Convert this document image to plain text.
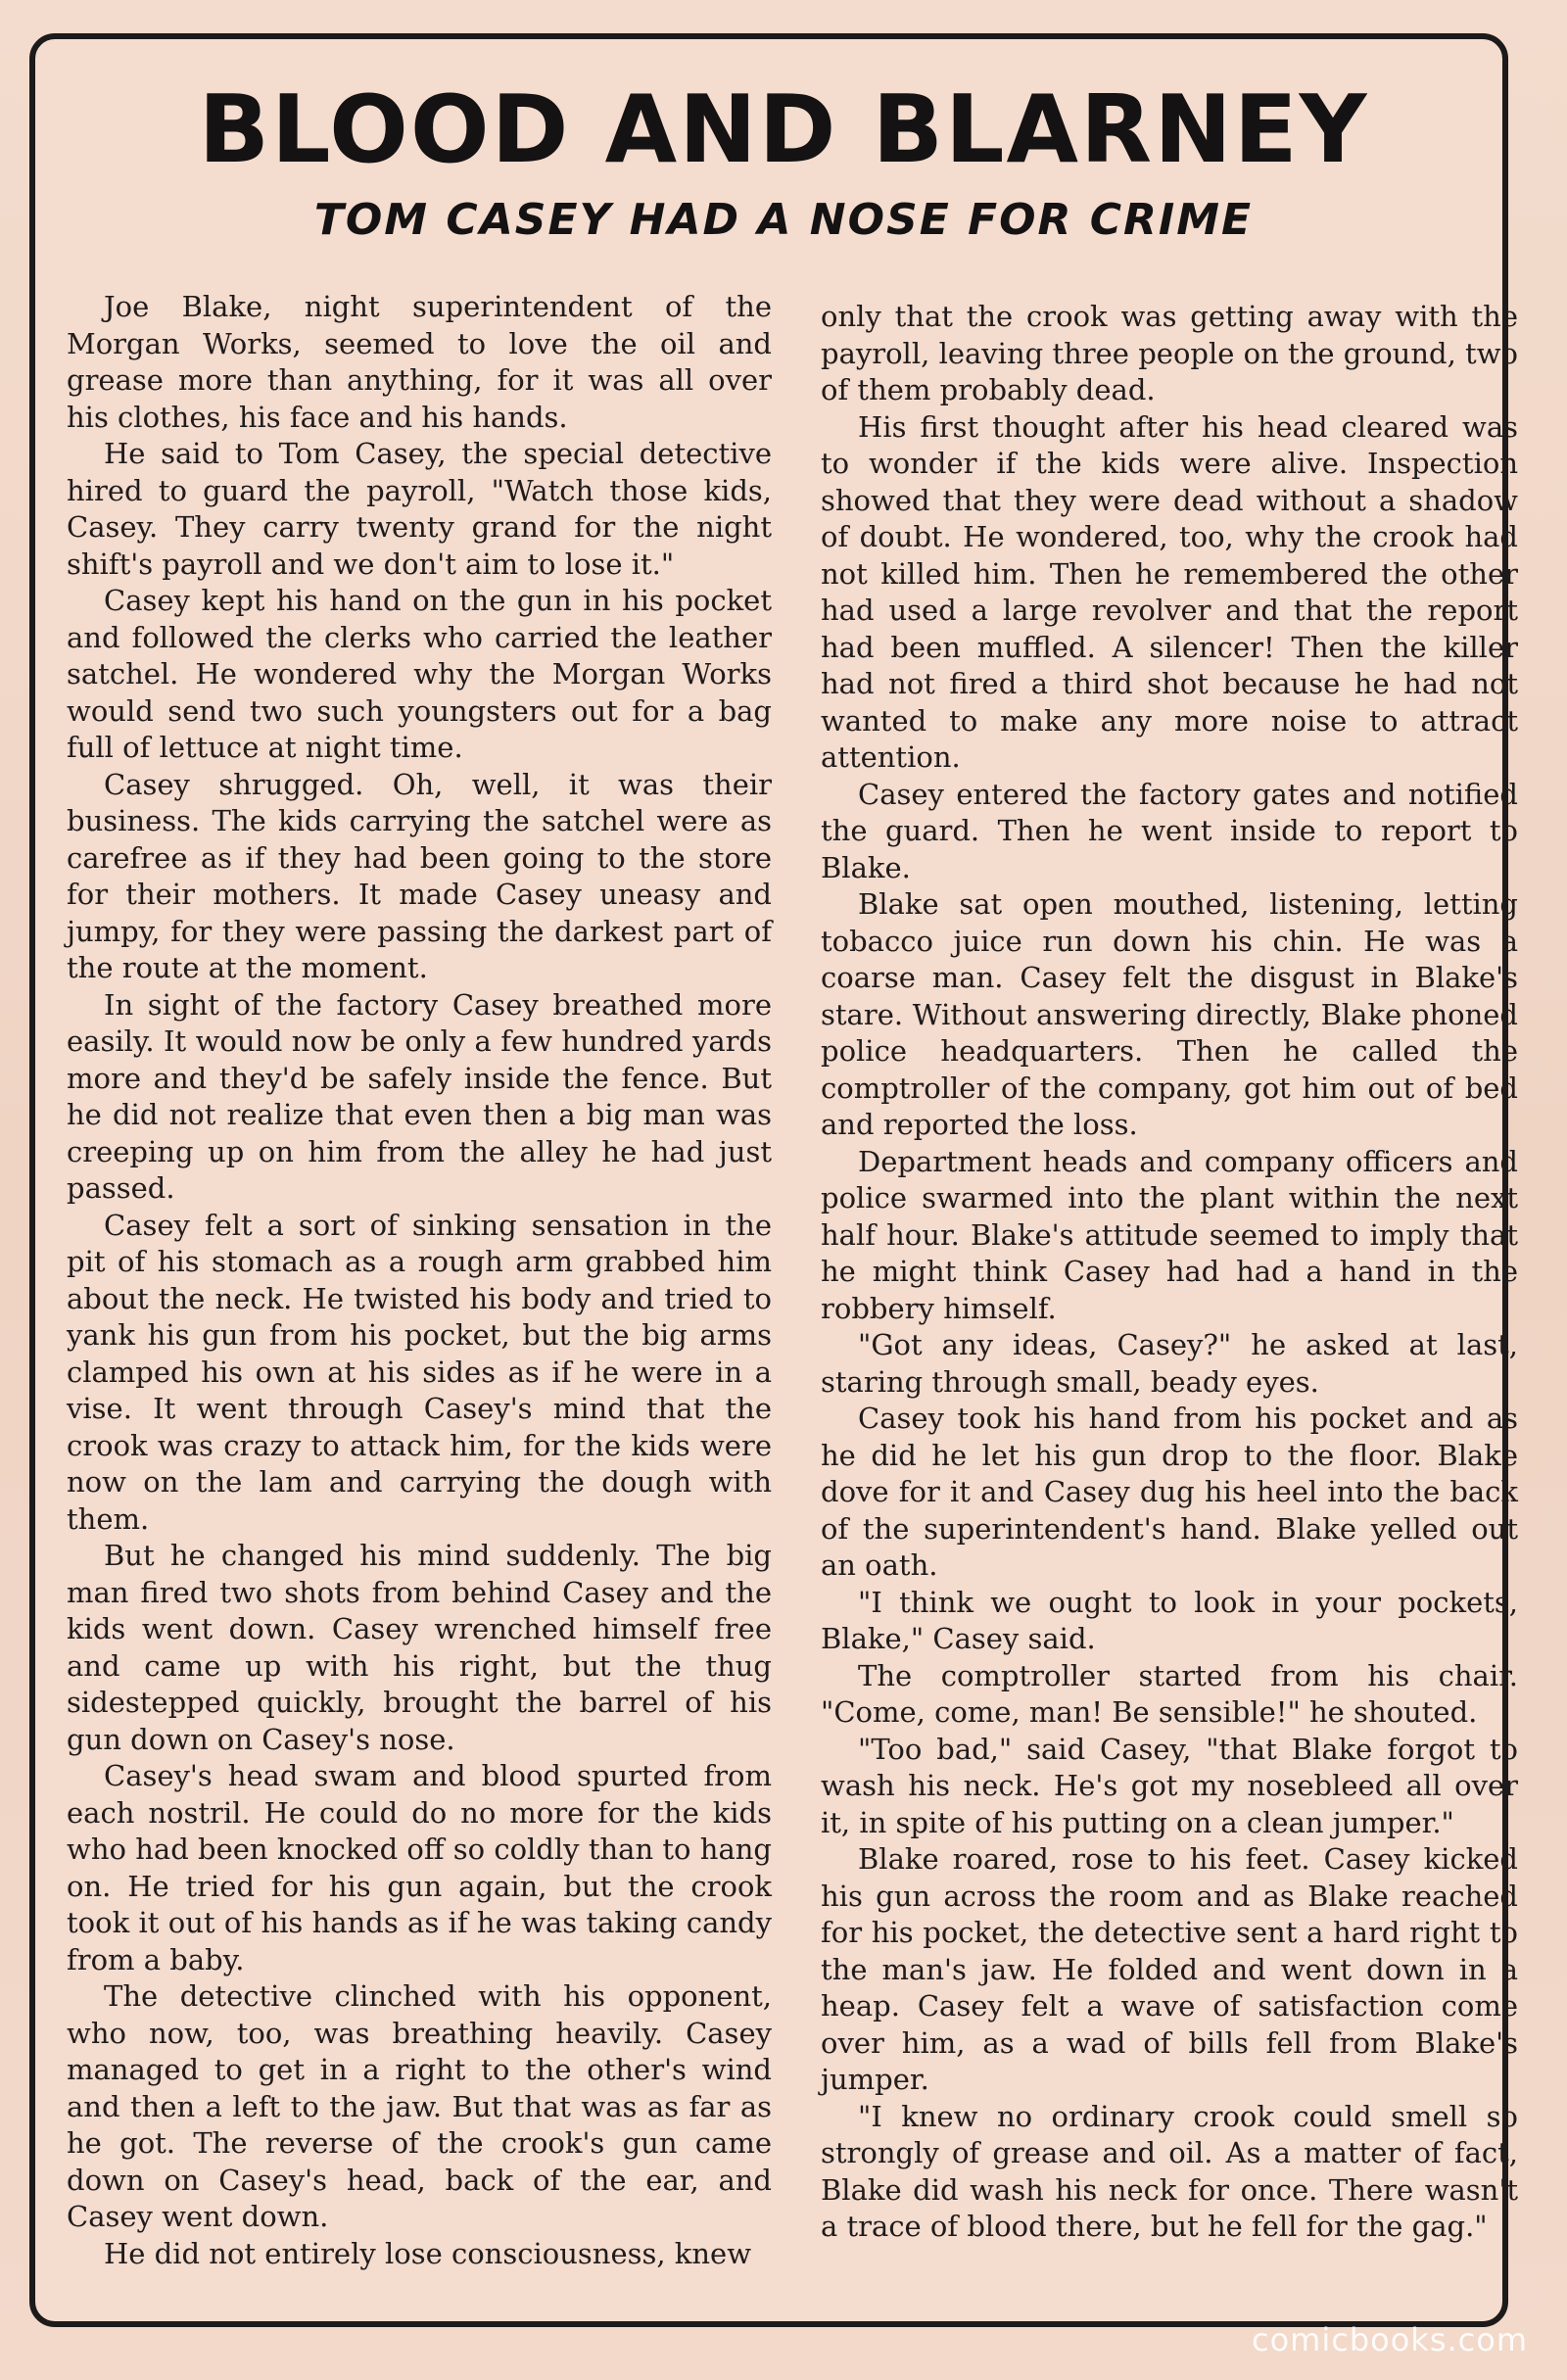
BLOOD AND BLARNEY
TOM CASEY HAD A NOSE FOR CRIME

Joe Blake, night superintendent of the Morgan Works, seemed to love the oil and grease more than anything, for it was all over his clothes, his face and his hands.

He said to Tom Casey, the special detective hired to guard the payroll, "Watch those kids, Casey. They carry twenty grand for the night shift's payroll and we don't aim to lose it."

Casey kept his hand on the gun in his pocket and followed the clerks who carried the leather satchel. He wondered why the Morgan Works would send two such youngsters out for a bag full of lettuce at night time.

Casey shrugged. Oh, well, it was their business. The kids carrying the satchel were as carefree as if they had been going to the store for their mothers. It made Casey uneasy and jumpy, for they were passing the darkest part of the route at the moment.

In sight of the factory Casey breathed more easily. It would now be only a few hundred yards more and they'd be safely inside the fence. But he did not realize that even then a big man was creeping up on him from the alley he had just passed.

Casey felt a sort of sinking sensation in the pit of his stomach as a rough arm grabbed him about the neck. He twisted his body and tried to yank his gun from his pocket, but the big arms clamped his own at his sides as if he were in a vise. It went through Casey's mind that the crook was crazy to attack him, for the kids were now on the lam and carrying the dough with them.

But he changed his mind suddenly. The big man fired two shots from behind Casey and the kids went down. Casey wrenched himself free and came up with his right, but the thug sidestepped quickly, brought the barrel of his gun down on Casey's nose.

Casey's head swam and blood spurted from each nostril. He could do no more for the kids who had been knocked off so coldly than to hang on. He tried for his gun again, but the crook took it out of his hands as if he was taking candy from a baby.

The detective clinched with his opponent, who now, too, was breathing heavily. Casey managed to get in a right to the other's wind and then a left to the jaw. But that was as far as he got. The reverse of the crook's gun came down on Casey's head, back of the ear, and Casey went down.

He did not entirely lose consciousness, knew

only that the crook was getting away with the payroll, leaving three people on the ground, two of them probably dead.

His first thought after his head cleared was to wonder if the kids were alive. Inspection showed that they were dead without a shadow of doubt. He wondered, too, why the crook had not killed him. Then he remembered the other had used a large revolver and that the report had been muffled. A silencer! Then the killer had not fired a third shot because he had not wanted to make any more noise to attract attention.

Casey entered the factory gates and notified the guard. Then he went inside to report to Blake.

Blake sat open mouthed, listening, letting tobacco juice run down his chin. He was a coarse man. Casey felt the disgust in Blake's stare. Without answering directly, Blake phoned police headquarters. Then he called the comptroller of the company, got him out of bed and reported the loss.

Department heads and company officers and police swarmed into the plant within the next half hour. Blake's attitude seemed to imply that he might think Casey had had a hand in the robbery himself.

"Got any ideas, Casey?" he asked at last, staring through small, beady eyes.

Casey took his hand from his pocket and as he did he let his gun drop to the floor. Blake dove for it and Casey dug his heel into the back of the superintendent's hand. Blake yelled out an oath.

"I think we ought to look in your pockets, Blake," Casey said.

The comptroller started from his chair. "Come, come, man! Be sensible!" he shouted.

"Too bad," said Casey, "that Blake forgot to wash his neck. He's got my nosebleed all over it, in spite of his putting on a clean jumper."

Blake roared, rose to his feet. Casey kicked his gun across the room and as Blake reached for his pocket, the detective sent a hard right to the man's jaw. He folded and went down in a heap. Casey felt a wave of satisfaction come over him, as a wad of bills fell from Blake's jumper.

"I knew no ordinary crook could smell so strongly of grease and oil. As a matter of fact, Blake did wash his neck for once. There wasn't a trace of blood there, but he fell for the gag."

comicbooks.com
